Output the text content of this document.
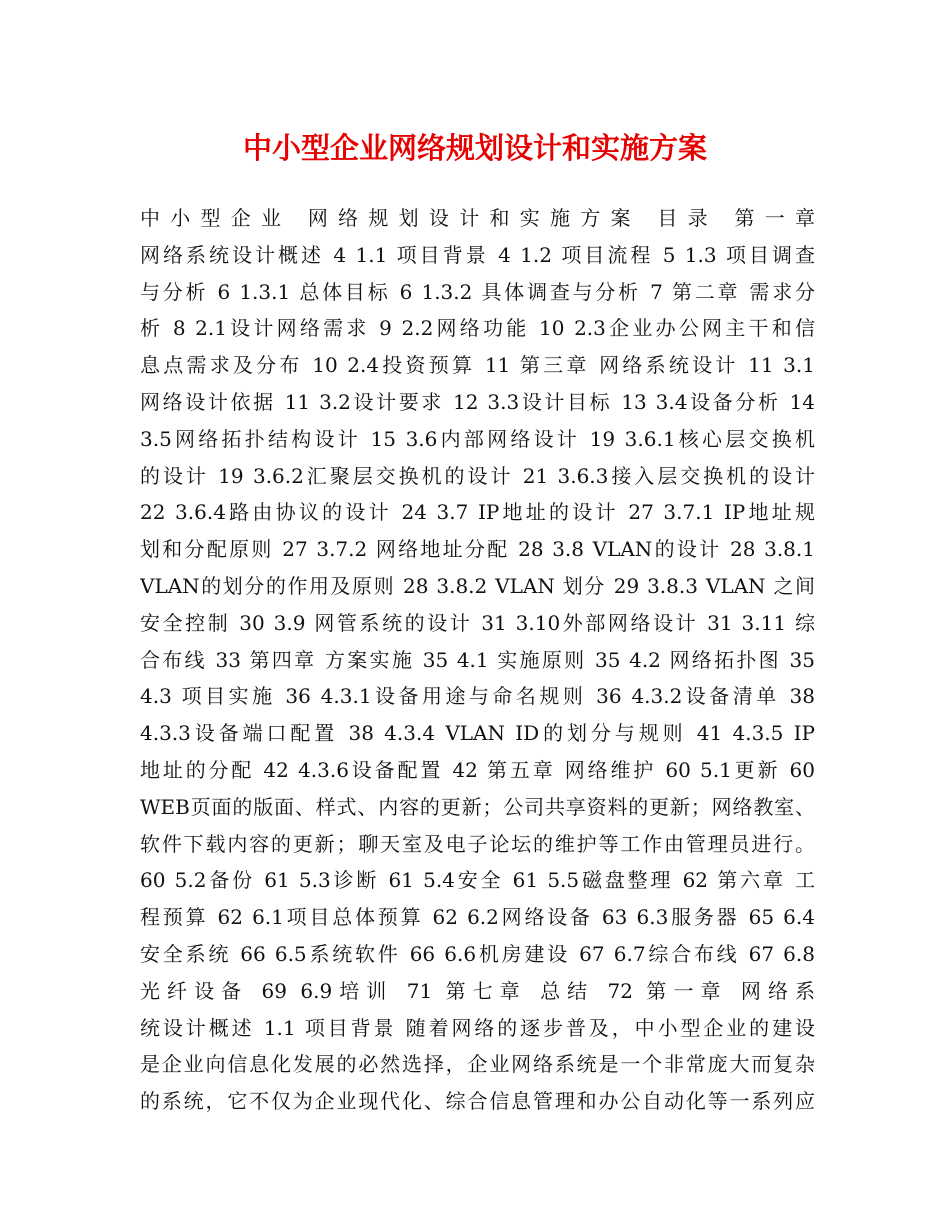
中小型企业网络规划设计和实施方案
中小型企业 网络规划设计和实施方案 目录 第一章
网络系统设计概述 4 1.1 项目背景 4 1.2 项目流程 5 1.3 项目调查
与分析 6 1.3.1 总体目标 6 1.3.2 具体调查与分析 7 第二章 需求分
析 8 2.1设计网络需求 9 2.2网络功能 10 2.3企业办公网主干和信
息点需求及分布 10 2.4投资预算 11 第三章 网络系统设计 11 3.1
网络设计依据 11 3.2设计要求 12 3.3设计目标 13 3.4设备分析 14
3.5网络拓扑结构设计 15 3.6内部网络设计 19 3.6.1核心层交换机
的设计 19 3.6.2汇聚层交换机的设计 21 3.6.3接入层交换机的设计
22 3.6.4路由协议的设计 24 3.7 IP地址的设计 27 3.7.1 IP地址规
划和分配原则 27 3.7.2 网络地址分配 28 3.8 VLAN的设计 28 3.8.1
VLAN的划分的作用及原则 28 3.8.2 VLAN 划分 29 3.8.3 VLAN 之间
安全控制 30 3.9 网管系统的设计 31 3.10外部网络设计 31 3.11 综
合布线 33 第四章 方案实施 35 4.1 实施原则 35 4.2 网络拓扑图 35
4.3 项目实施 36 4.3.1设备用途与命名规则 36 4.3.2设备清单 38
4.3.3设备端口配置 38 4.3.4 VLAN ID的划分与规则 41 4.3.5 IP
地址的分配 42 4.3.6设备配置 42 第五章 网络维护 60 5.1更新 60
WEB页面的版面、样式、内容的更新；公司共享资料的更新；网络教室、
软件下载内容的更新；聊天室及电子论坛的维护等工作由管理员进行。
60 5.2备份 61 5.3诊断 61 5.4安全 61 5.5磁盘整理 62 第六章 工
程预算 62 6.1项目总体预算 62 6.2网络设备 63 6.3服务器 65 6.4
安全系统 66 6.5系统软件 66 6.6机房建设 67 6.7综合布线 67 6.8
光纤设备 69 6.9培训 71 第七章 总结 72 第一章 网络系
统设计概述 1.1 项目背景 随着网络的逐步普及，中小型企业的建设
是企业向信息化发展的必然选择，企业网络系统是一个非常庞大而复杂
的系统，它不仅为企业现代化、综合信息管理和办公自动化等一系列应
